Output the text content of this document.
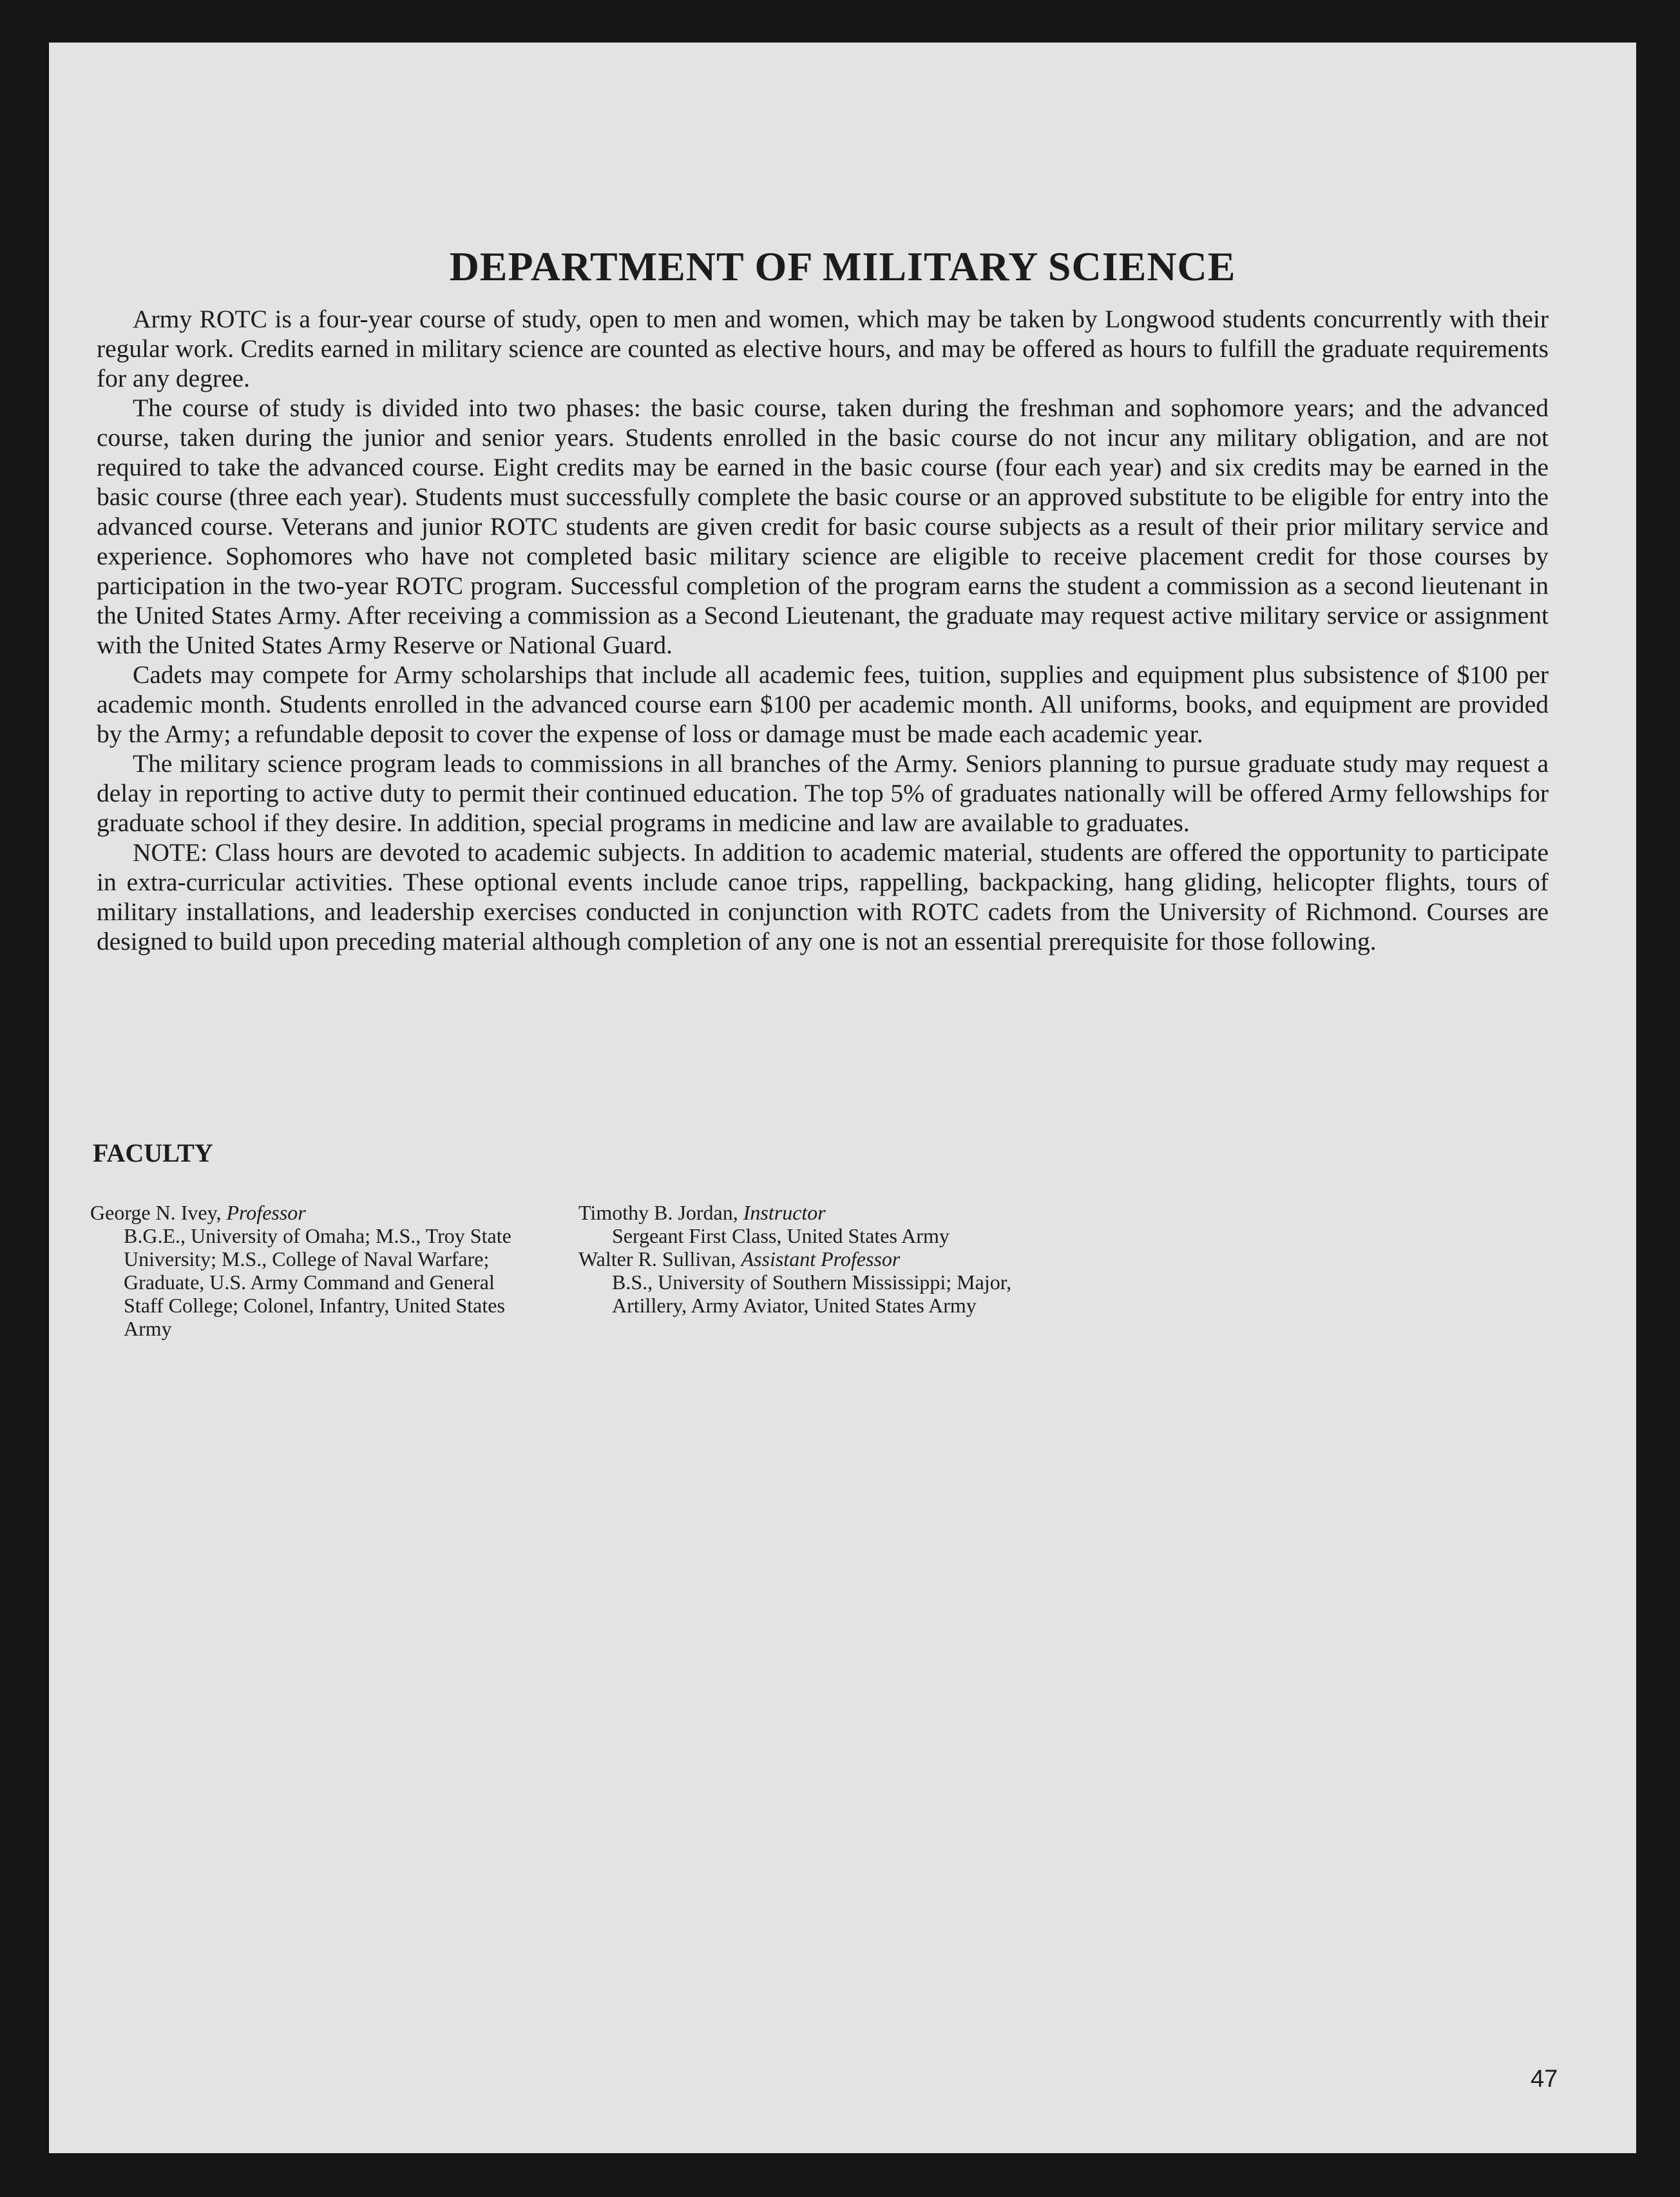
DEPARTMENT OF MILITARY SCIENCE

Army ROTC is a four-year course of study, open to men and women, which may be taken by Longwood students concurrently with their regular work. Credits earned in military science are counted as elective hours, and may be offered as hours to fulfill the graduate requirements for any degree.

The course of study is divided into two phases: the basic course, taken during the freshman and sophomore years; and the advanced course, taken during the junior and senior years. Students enrolled in the basic course do not incur any military obligation, and are not required to take the advanced course. Eight credits may be earned in the basic course (four each year) and six credits may be earned in the basic course (three each year). Students must successfully complete the basic course or an approved substitute to be eligible for entry into the advanced course. Veterans and junior ROTC students are given credit for basic course subjects as a result of their prior military service and experience. Sophomores who have not completed basic military science are eligible to receive placement credit for those courses by participation in the two-year ROTC program. Successful completion of the program earns the student a commission as a second lieutenant in the United States Army. After receiving a commission as a Second Lieutenant, the graduate may request active military service or assignment with the United States Army Reserve or National Guard.

Cadets may compete for Army scholarships that include all academic fees, tuition, supplies and equipment plus subsistence of $100 per academic month. Students enrolled in the advanced course earn $100 per academic month. All uniforms, books, and equipment are provided by the Army; a refundable deposit to cover the expense of loss or damage must be made each academic year.

The military science program leads to commissions in all branches of the Army. Seniors planning to pursue graduate study may request a delay in reporting to active duty to permit their continued education. The top 5% of graduates nationally will be offered Army fellowships for graduate school if they desire. In addition, special programs in medicine and law are available to graduates.

NOTE: Class hours are devoted to academic subjects. In addition to academic material, students are offered the opportunity to participate in extra-curricular activities. These optional events include canoe trips, rappelling, backpacking, hang gliding, helicopter flights, tours of military installations, and leadership exercises conducted in conjunction with ROTC cadets from the University of Richmond. Courses are designed to build upon preceding material although completion of any one is not an essential prerequisite for those following.

FACULTY
George N. Ivey, Professor
B.G.E., University of Omaha; M.S., Troy State University; M.S., College of Naval Warfare; Graduate, U.S. Army Command and General Staff College; Colonel, Infantry, United States Army
Timothy B. Jordan, Instructor
Sergeant First Class, United States Army
Walter R. Sullivan, Assistant Professor
B.S., University of Southern Mississippi; Major, Artillery, Army Aviator, United States Army
47
